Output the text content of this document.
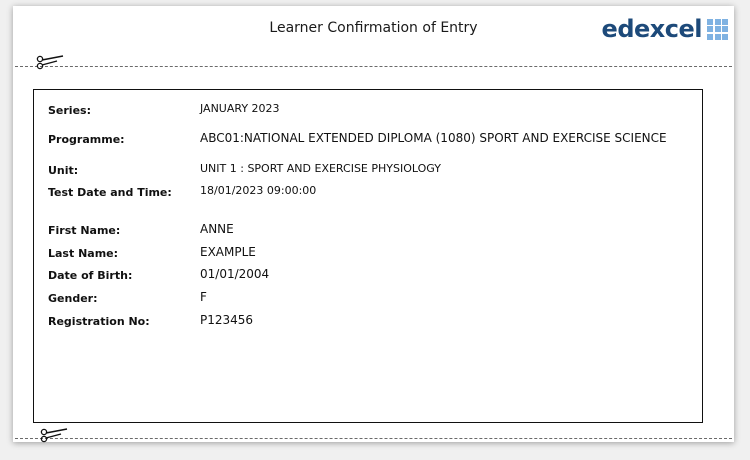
Learner Confirmation of Entry	edexcel
Series:	JANUARY 2023
Programme:	ABC01:NATIONAL EXTENDED DIPLOMA (1080) SPORT AND EXERCISE SCIENCE
Unit:	UNIT 1 : SPORT AND EXERCISE PHYSIOLOGY
Test Date and Time:	18/01/2023 09:00:00
First Name:	ANNE
Last Name:	EXAMPLE
Date of Birth:	01/01/2004
Gender:	F
Registration No:	P123456
